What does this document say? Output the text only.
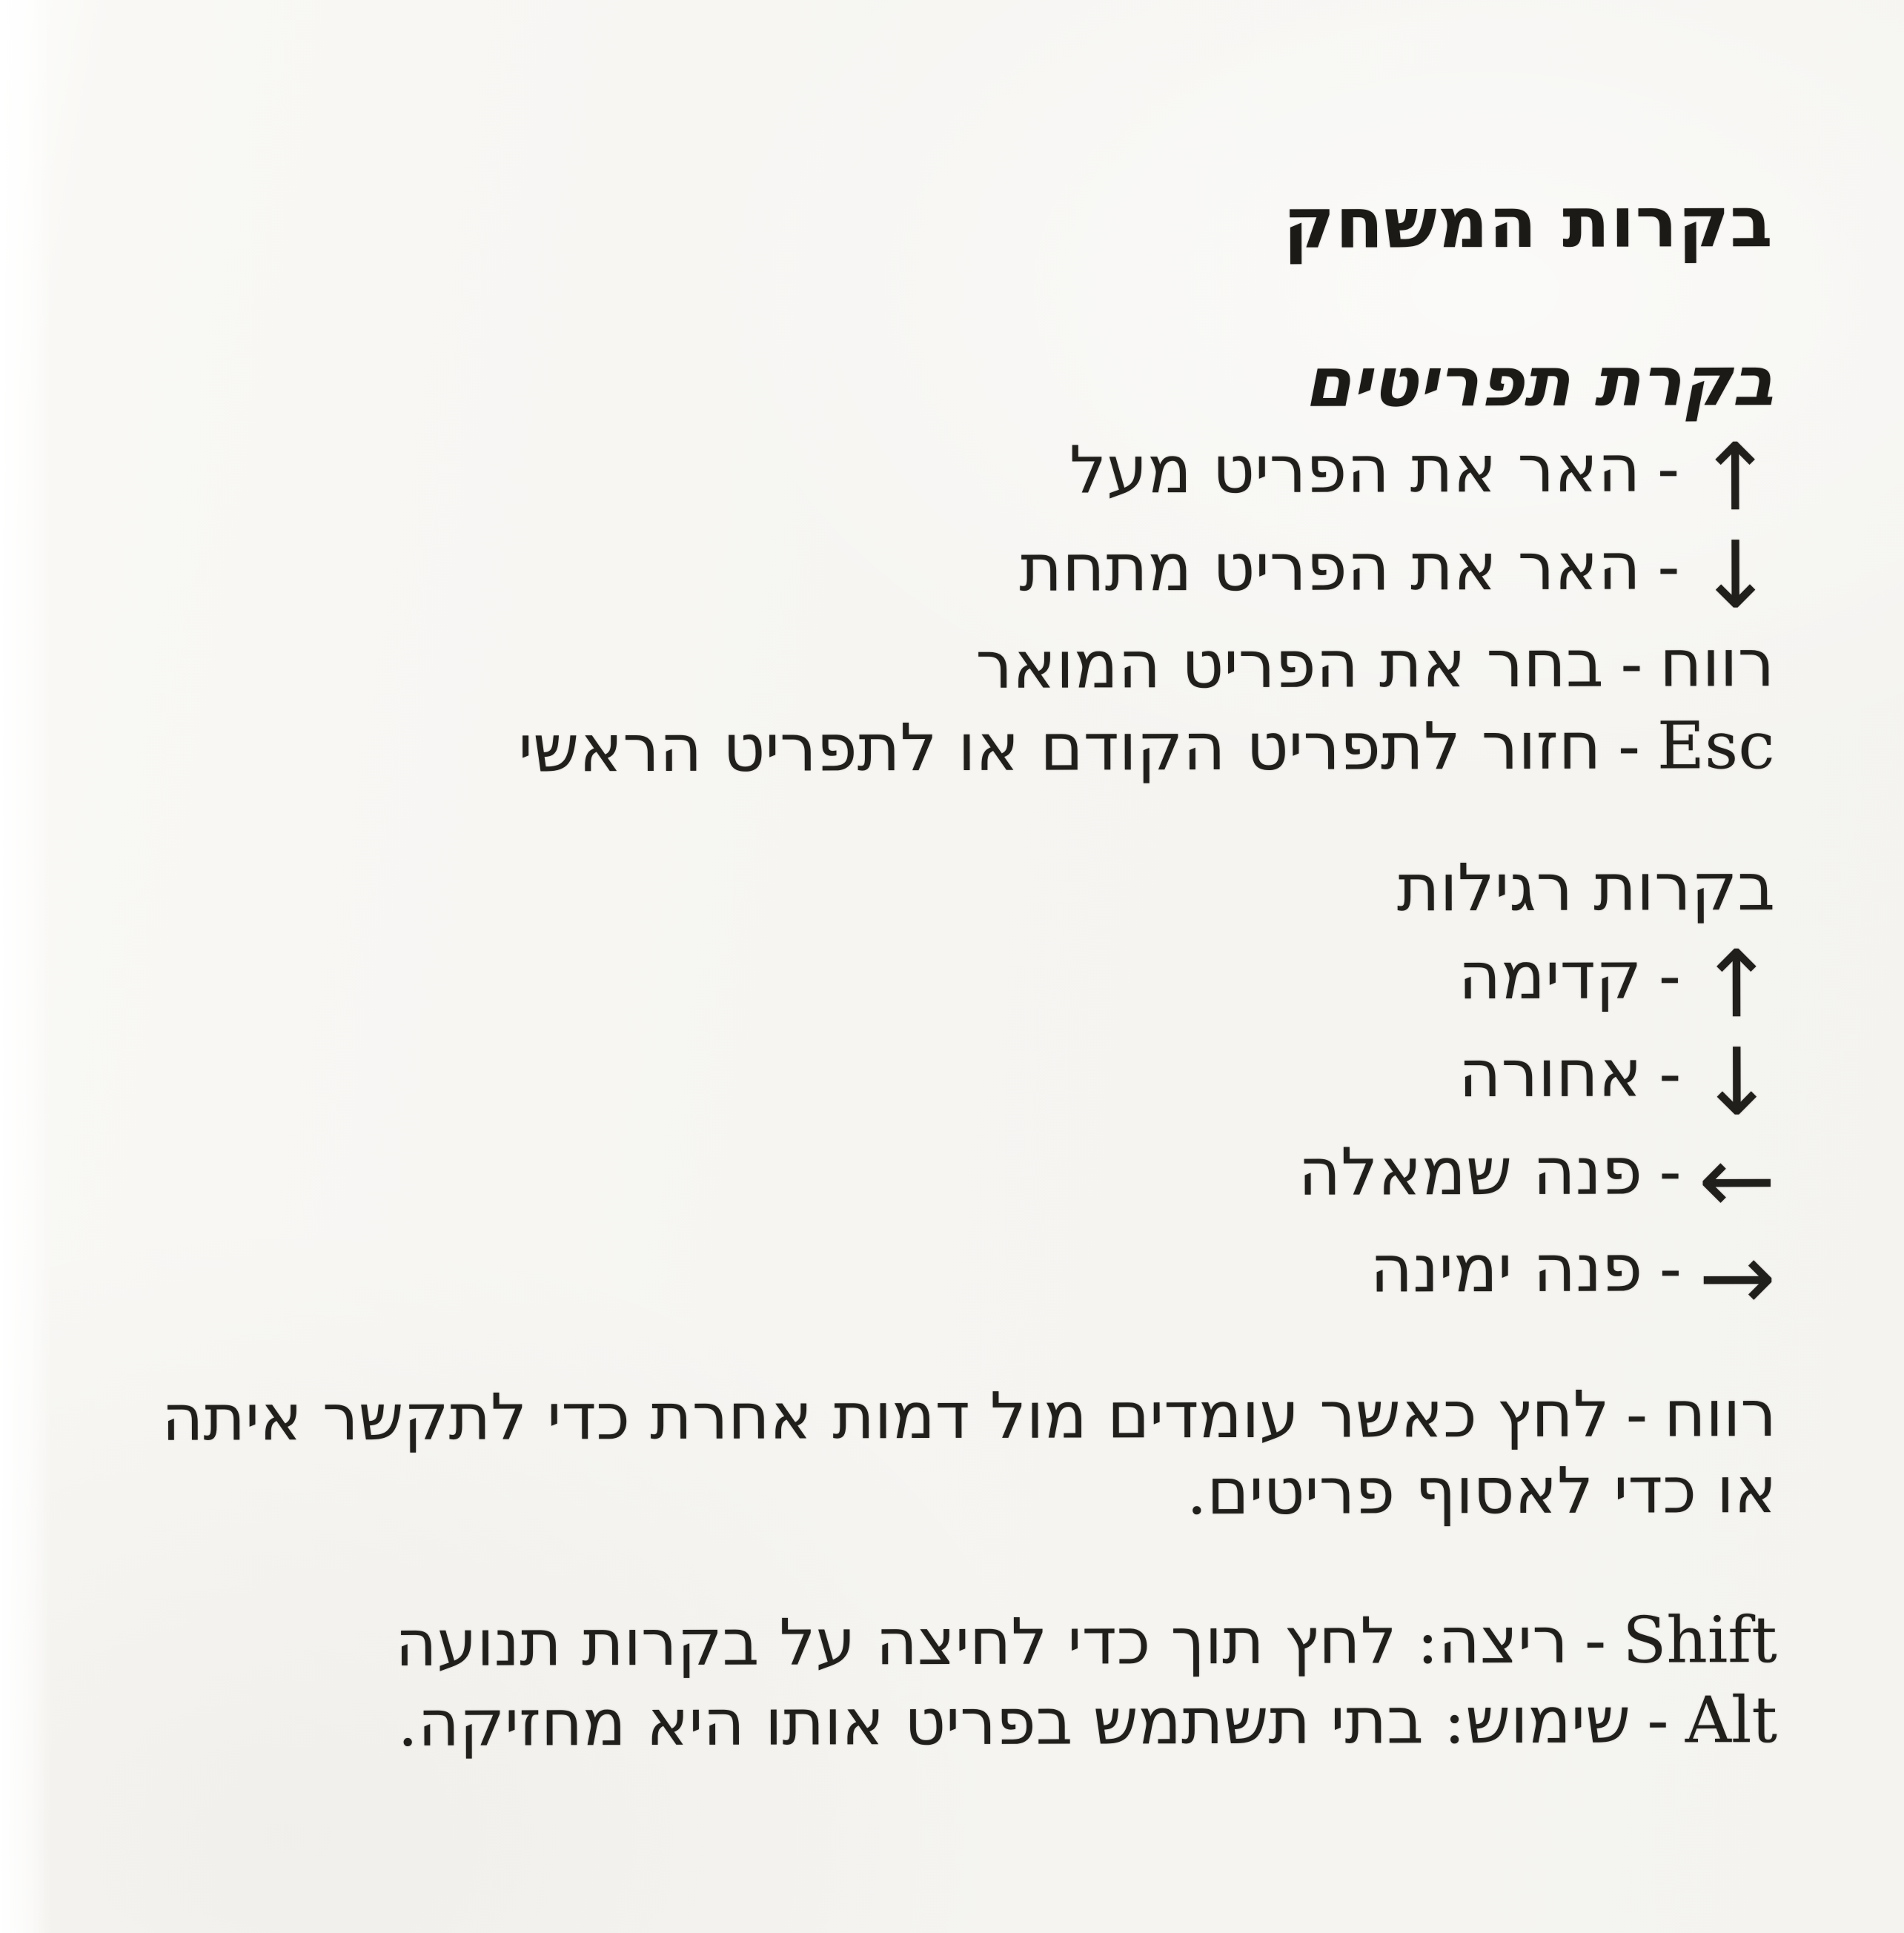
בקרות המשחק
בקרת תפריטים
↑-האר את הפריט מעל
↓-האר את הפריט מתחת
רווח-בחר את הפריט המואר
Esc-חזור לתפריט הקודם או לתפריט הראשי
בקרות רגילות
↑-קדימה
↓-אחורה
←-פנה שמאלה
→-פנה ימינה

רווח-לחץ כאשר עומדים מול דמות אחרת כדי לתקשר איתה או כדי לאסוף פריטים.

Shift-ריצה: לחץ תוך כדי לחיצה על בקרות תנועה
Alt-שימוש: בתי תשתמש בפריט אותו היא מחזיקה.
